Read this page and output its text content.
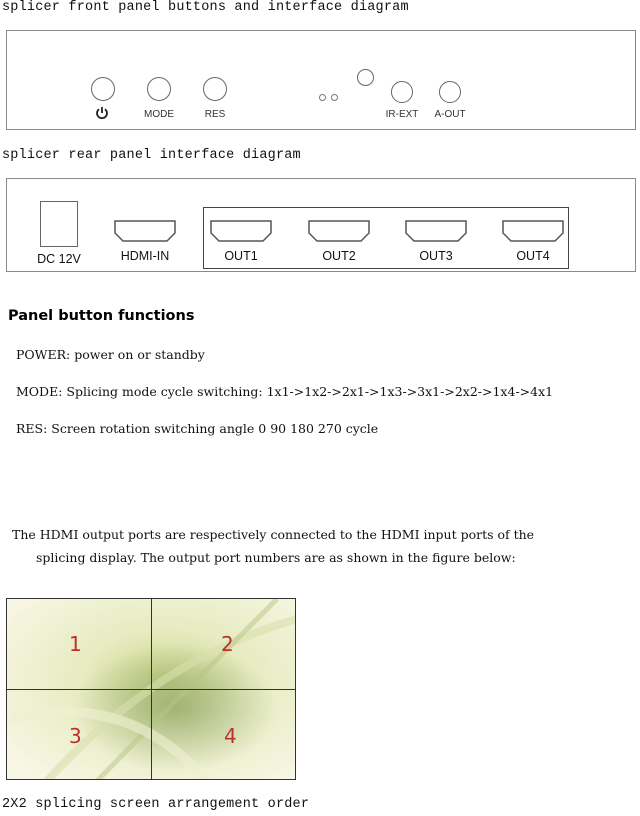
splicer front panel buttons and interface diagram
MODE	RES	IR-EXT	A-OUT
splicer rear panel interface diagram
DC 12V	HDMI-IN	OUT1	OUT2	OUT3	OUT4
Panel button functions
POWER: power on or standby
MODE: Splicing mode cycle switching: 1x1->1x2->2x1->1x3->3x1->2x2->1x4->4x1
RES: Screen rotation switching angle 0 90 180 270 cycle
The HDMI output ports are respectively connected to the HDMI input ports of the
splicing display. The output port numbers are as shown in the figure below:
1	2
3	4
2X2 splicing screen arrangement order
